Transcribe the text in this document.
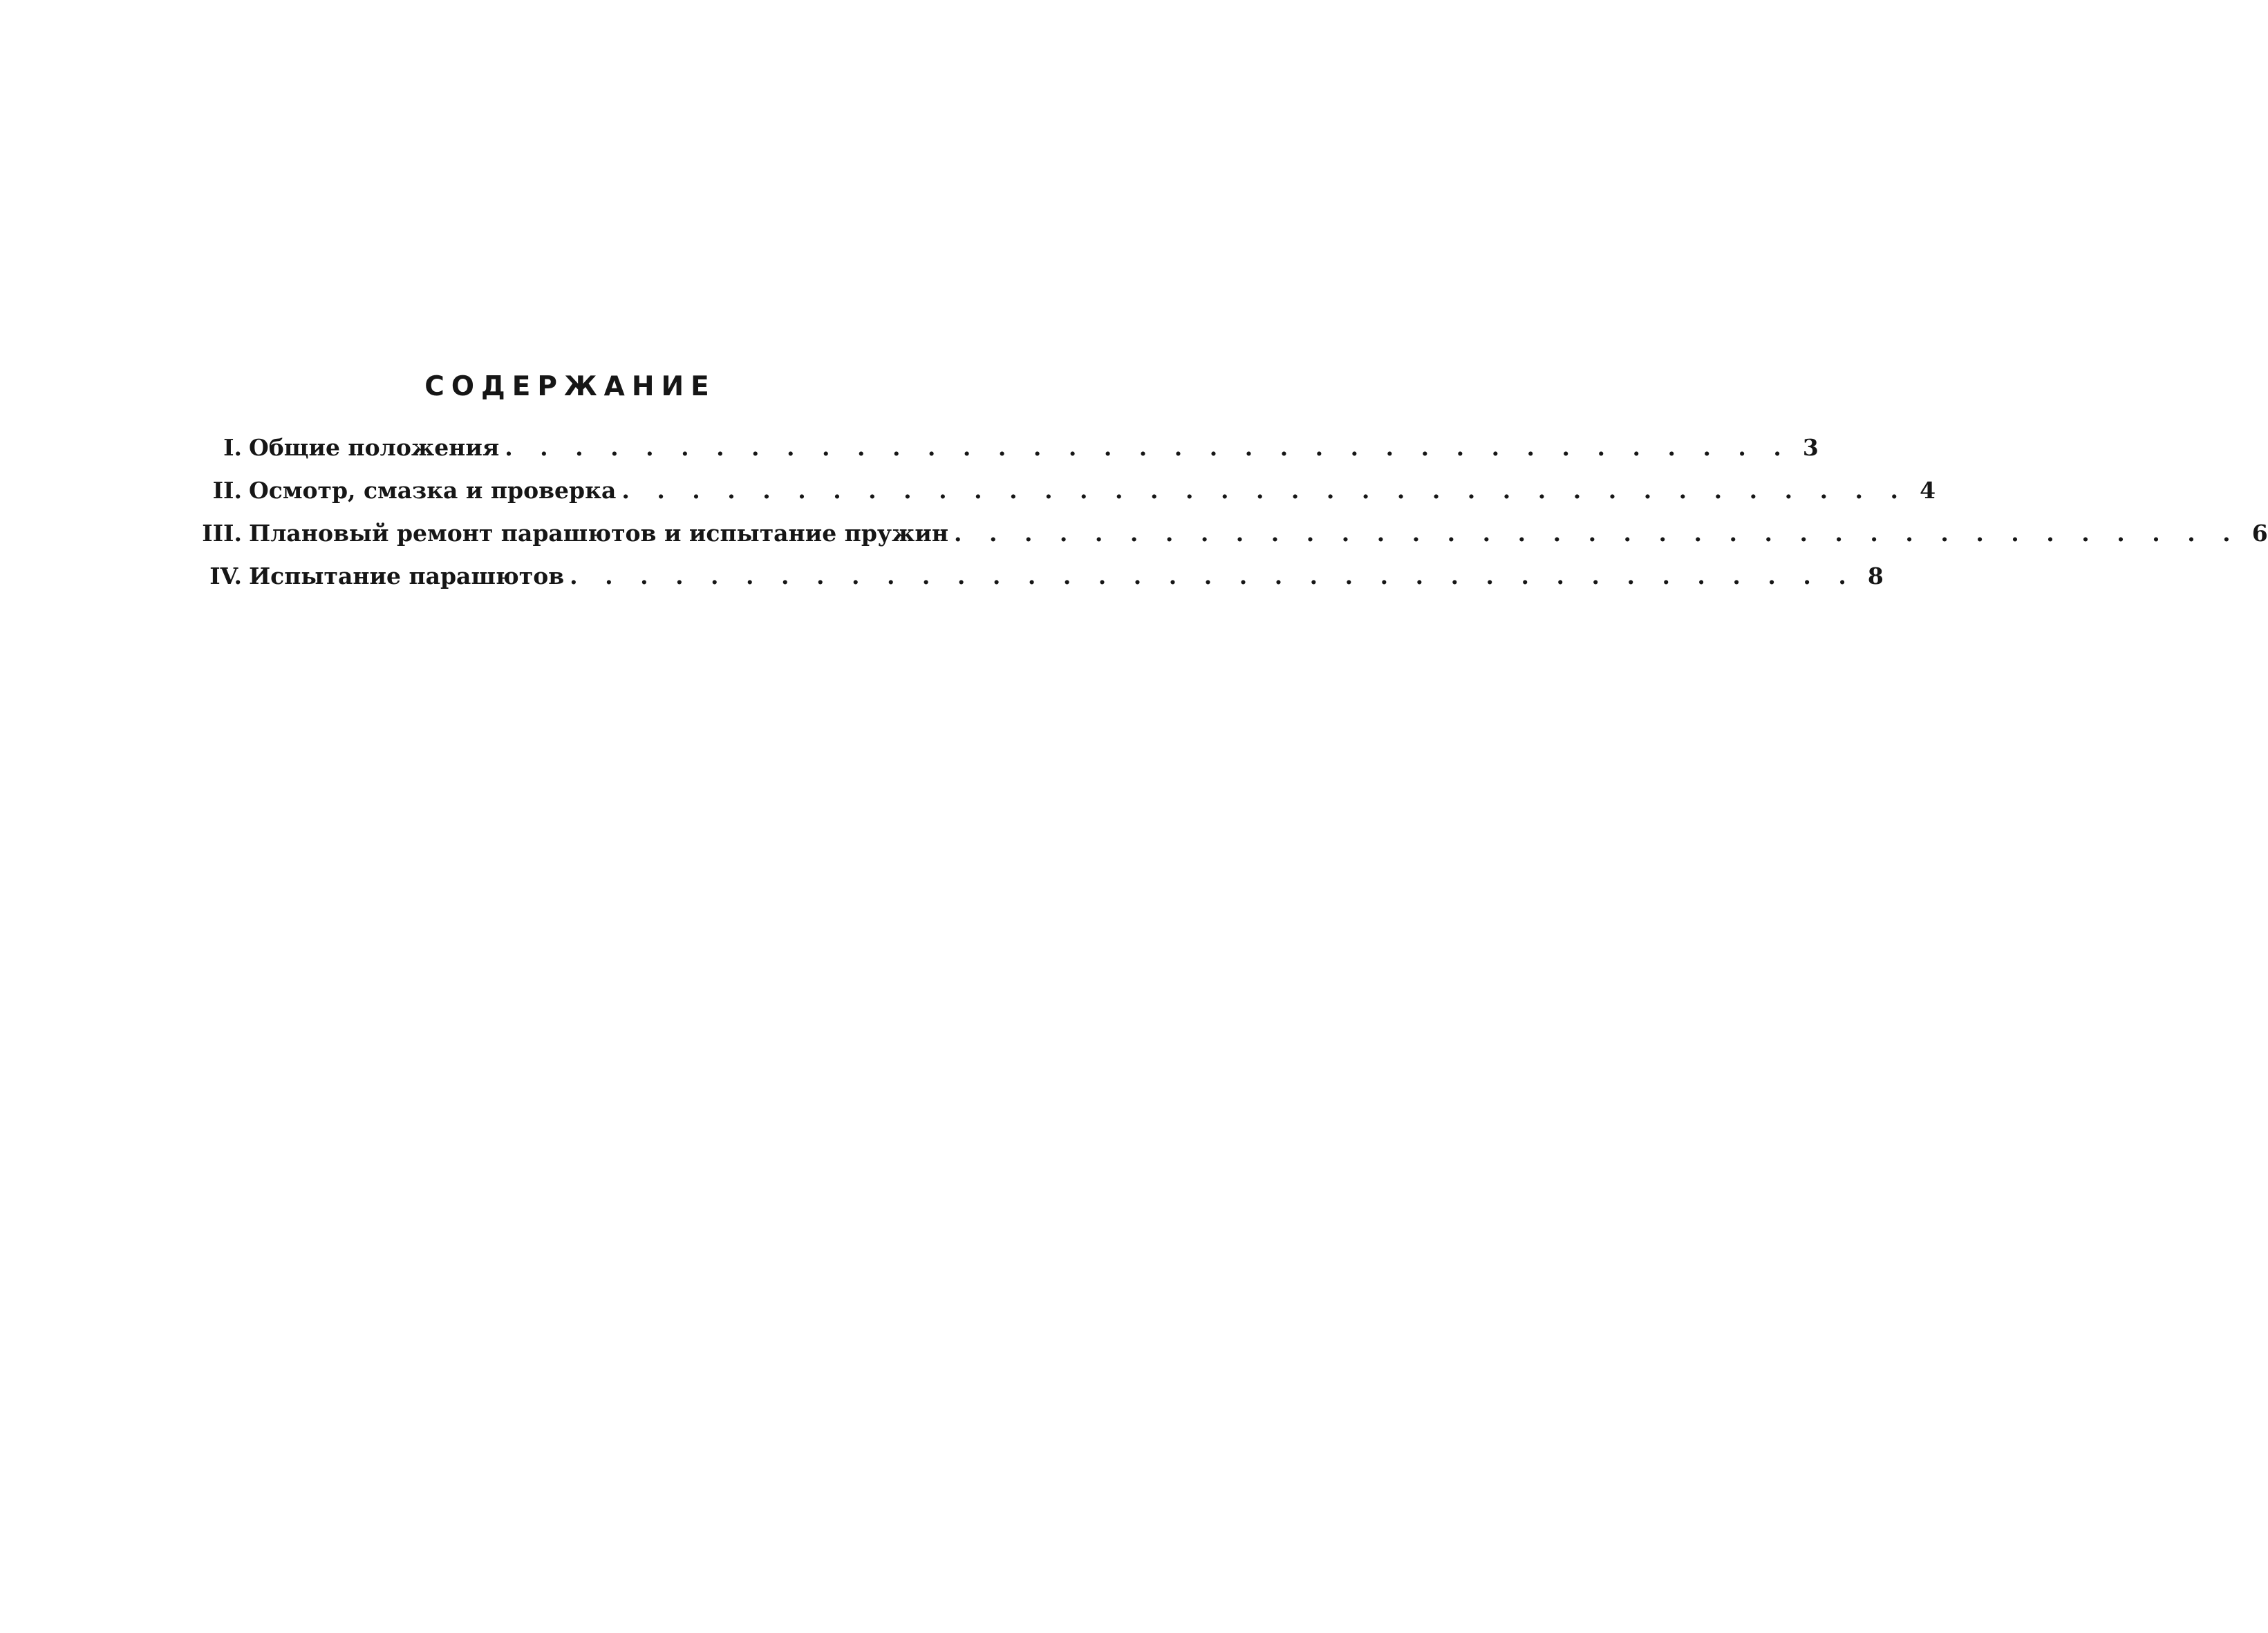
СОДЕРЖАНИЕ
I. Общие положения . . . . . . . . . . . . . . . . . . . . . . . . . . . . . . . . . . . . . 3
II. Осмотр, смазка и проверка . . . . . . . . . . . . . . . . . . . . . . . . . . . . . . . . . . . . . 4
III. Плановый ремонт парашютов и испытание пружин . . . . . . . . . . . . . . . . . . . . . . . . . . . . . . . . . . . . . 6
IV. Испытание парашютов . . . . . . . . . . . . . . . . . . . . . . . . . . . . . . . . . . . . . 8
